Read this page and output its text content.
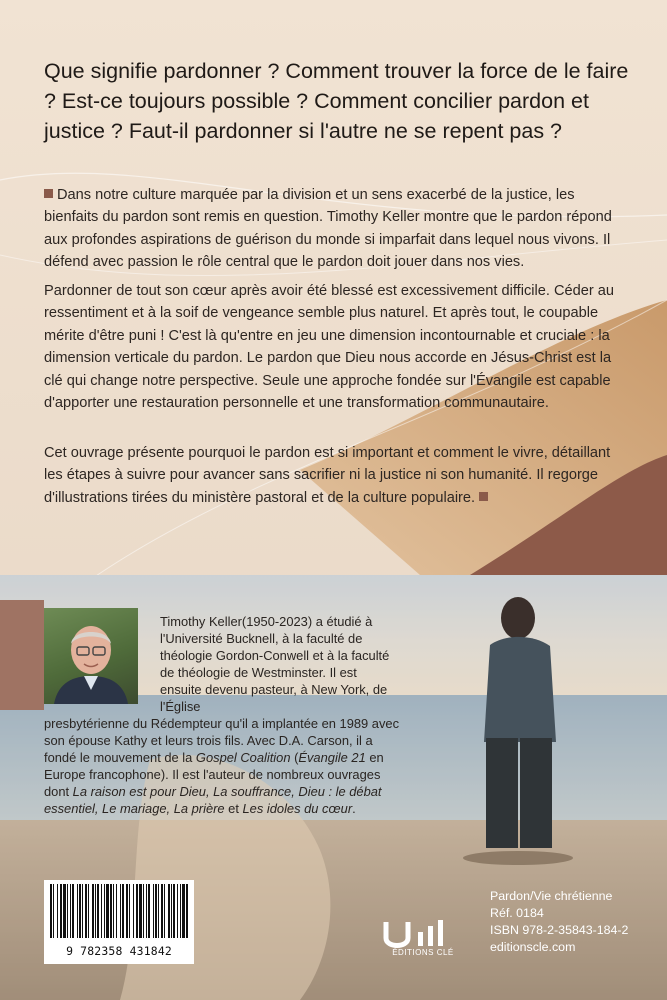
Que signifie pardonner ? Comment trouver la force de le faire ? Est-ce toujours possible ? Comment concilier pardon et justice ? Faut-il pardonner si l'autre ne se repent pas ?
Dans notre culture marquée par la division et un sens exacerbé de la justice, les bienfaits du pardon sont remis en question. Timothy Keller montre que le pardon répond aux profondes aspirations de guérison du monde si imparfait dans lequel nous vivons. Il défend avec passion le rôle central que le pardon doit jouer dans nos vies.
Pardonner de tout son cœur après avoir été blessé est excessivement difficile. Céder au ressentiment et à la soif de vengeance semble plus naturel. Et après tout, le coupable mérite d'être puni ! C'est là qu'entre en jeu une dimension incontournable et cruciale : la dimension verticale du pardon. Le pardon que Dieu nous accorde en Jésus-Christ est la clé qui change notre perspective. Seule une approche fondée sur l'Évangile est capable d'apporter une restauration personnelle et une transformation communautaire.
Cet ouvrage présente pourquoi le pardon est si important et comment le vivre, détaillant les étapes à suivre pour avancer sans sacrifier ni la justice ni son humanité. Il regorge d'illustrations tirées du ministère pastoral et de la culture populaire.
Timothy Keller(1950-2023) a étudié à l'Université Bucknell, à la faculté de théologie Gordon-Conwell et à la faculté de théologie de Westminster. Il est ensuite devenu pasteur, à New York, de l'Église
presbytérienne du Rédempteur qu'il a implantée en 1989 avec son épouse Kathy et leurs trois fils. Avec D.A. Carson, il a fondé le mouvement de la Gospel Coalition (Évangile 21 en Europe francophone). Il est l'auteur de nombreux ouvrages dont La raison est pour Dieu, La souffrance, Dieu : le débat essentiel, Le mariage, La prière et Les idoles du cœur.
9 782358 431842	ÉDITIONS CLÉ
Pardon/Vie chrétienne
Réf. 0184
ISBN 978-2-35843-184-2
editionscle.com
